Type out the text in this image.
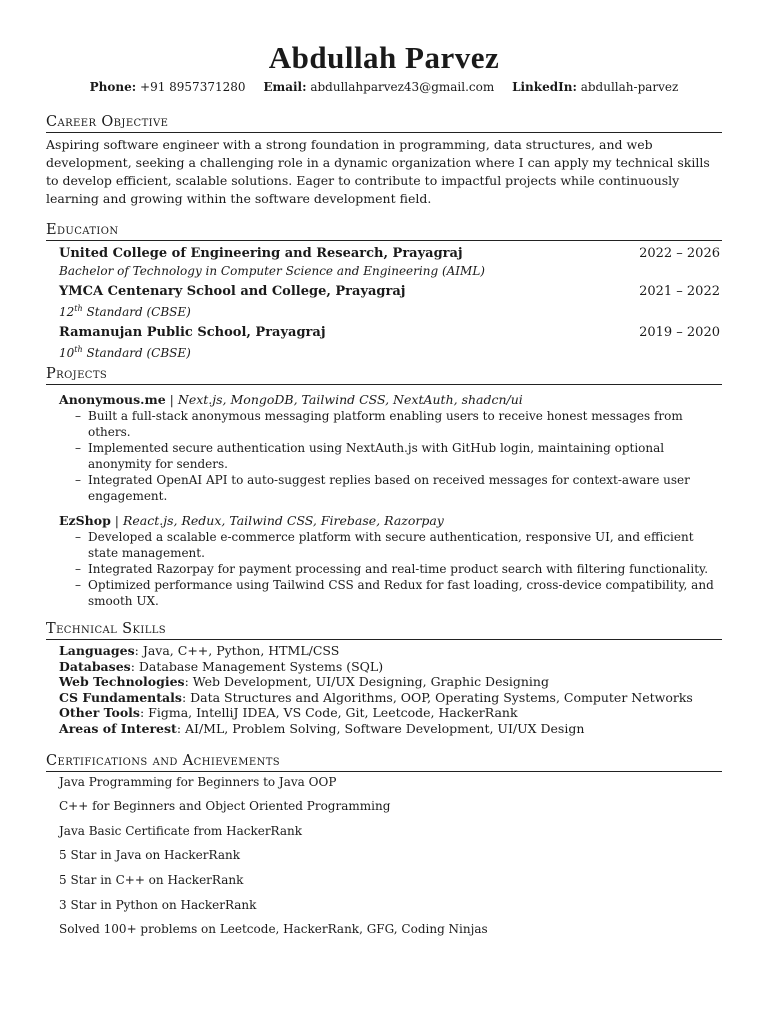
Abdullah Parvez
Phone: +91 8957371280 Email: abdullahparvez43@gmail.com LinkedIn: abdullah-parvez
Career Objective
Aspiring software engineer with a strong foundation in programming, data structures, and web development, seeking a challenging role in a dynamic organization where I can apply my technical skills to develop efficient, scalable solutions. Eager to contribute to impactful projects while continuously learning and growing within the software development field.
Education
United College of Engineering and Research, Prayagraj	2022 – 2026
Bachelor of Technology in Computer Science and Engineering (AIML)
YMCA Centenary School and College, Prayagraj	2021 – 2022
12th Standard (CBSE)
Ramanujan Public School, Prayagraj	2019 – 2020
10th Standard (CBSE)
Projects
Anonymous.me | Next.js, MongoDB, Tailwind CSS, NextAuth, shadcn/ui
– Built a full-stack anonymous messaging platform enabling users to receive honest messages from others.
– Implemented secure authentication using NextAuth.js with GitHub login, maintaining optional anonymity for senders.
– Integrated OpenAI API to auto-suggest replies based on received messages for context-aware user engagement.
EzShop | React.js, Redux, Tailwind CSS, Firebase, Razorpay
– Developed a scalable e-commerce platform with secure authentication, responsive UI, and efficient state management.
– Integrated Razorpay for payment processing and real-time product search with filtering functionality.
– Optimized performance using Tailwind CSS and Redux for fast loading, cross-device compatibility, and smooth UX.
Technical Skills
Languages: Java, C++, Python, HTML/CSS
Databases: Database Management Systems (SQL)
Web Technologies: Web Development, UI/UX Designing, Graphic Designing
CS Fundamentals: Data Structures and Algorithms, OOP, Operating Systems, Computer Networks
Other Tools: Figma, IntelliJ IDEA, VS Code, Git, Leetcode, HackerRank
Areas of Interest: AI/ML, Problem Solving, Software Development, UI/UX Design
Certifications and Achievements
Java Programming for Beginners to Java OOP
C++ for Beginners and Object Oriented Programming
Java Basic Certificate from HackerRank
5 Star in Java on HackerRank
5 Star in C++ on HackerRank
3 Star in Python on HackerRank
Solved 100+ problems on Leetcode, HackerRank, GFG, Coding Ninjas
